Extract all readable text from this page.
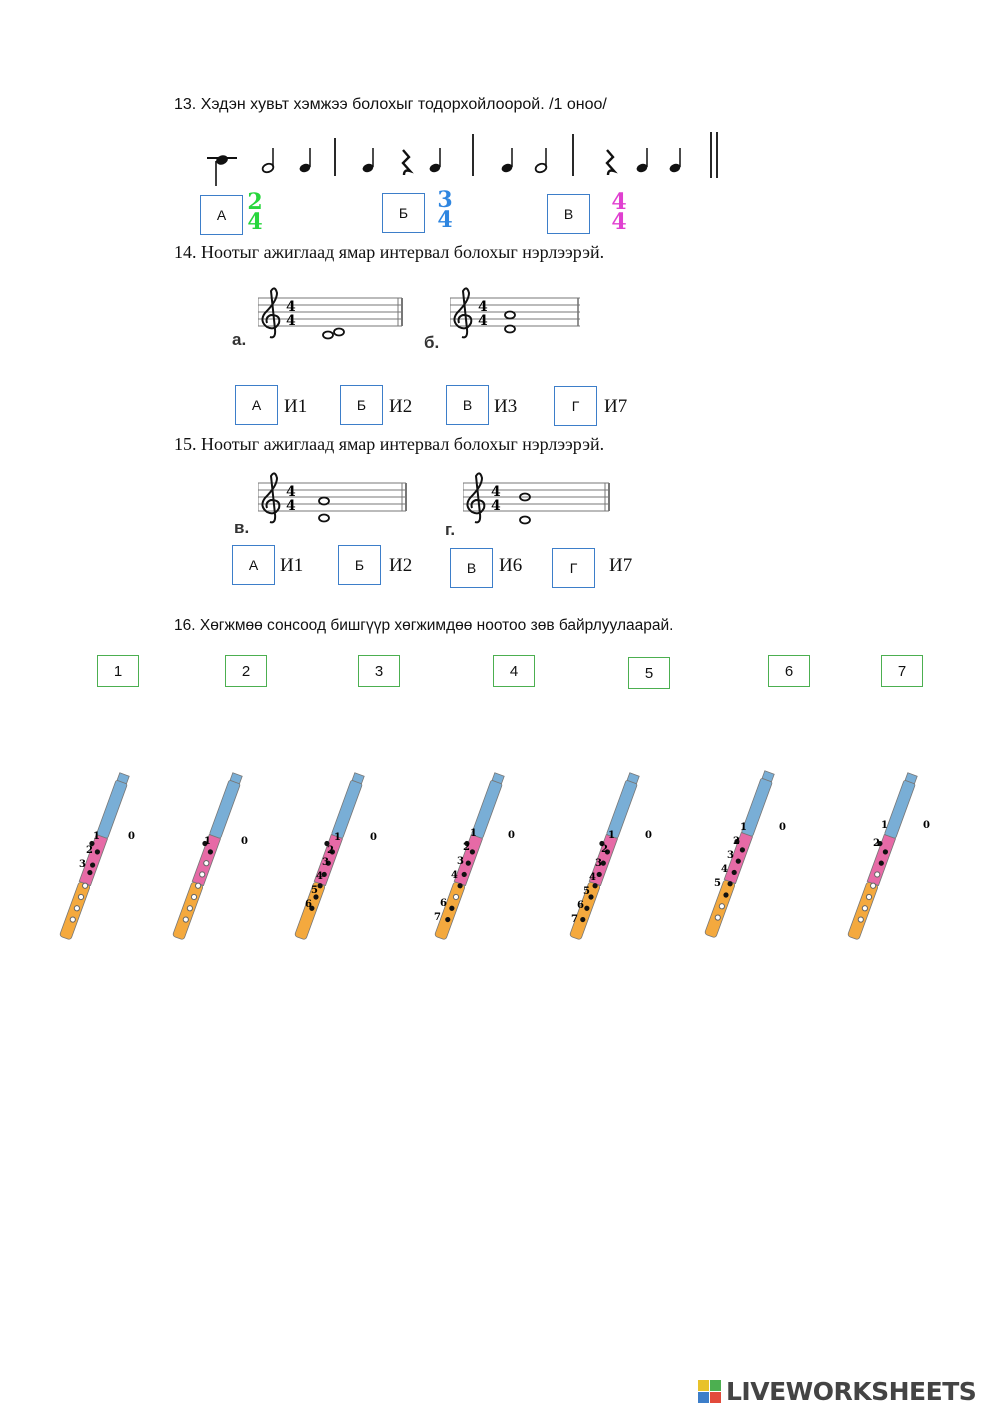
13. Хэдэн хувьт хэмжээ болохыг тодорхойлоорой. /1 оноо/
А 2
4	Б	3
4	В	4
4
14. Ноотыг ажиглаад ямар интервал болохыг нэрлээрэй.
4
4
а.
4
4
б.
А	И1	Б	И2	В	И3	Г	И7
15. Ноотыг ажиглаад ямар интервал болохыг нэрлээрэй.
4
4
в.
4
4
г.
А	И1	Б	И2	В	И6	Г	И7
16. Хөгжмөө сонсоод бишгүүр хөгжимдөө ноотоо зөв байрлуулаарай.
1	2	3	4	5	6	7
1	0
2
3
1	0	1	0
2
3
4
5
6
1	0
2
3
4
6
7
1	0
2
3
4
5
6
7
1	0
2
3
4
5
1	0
2
LIVEWORKSHEETS
